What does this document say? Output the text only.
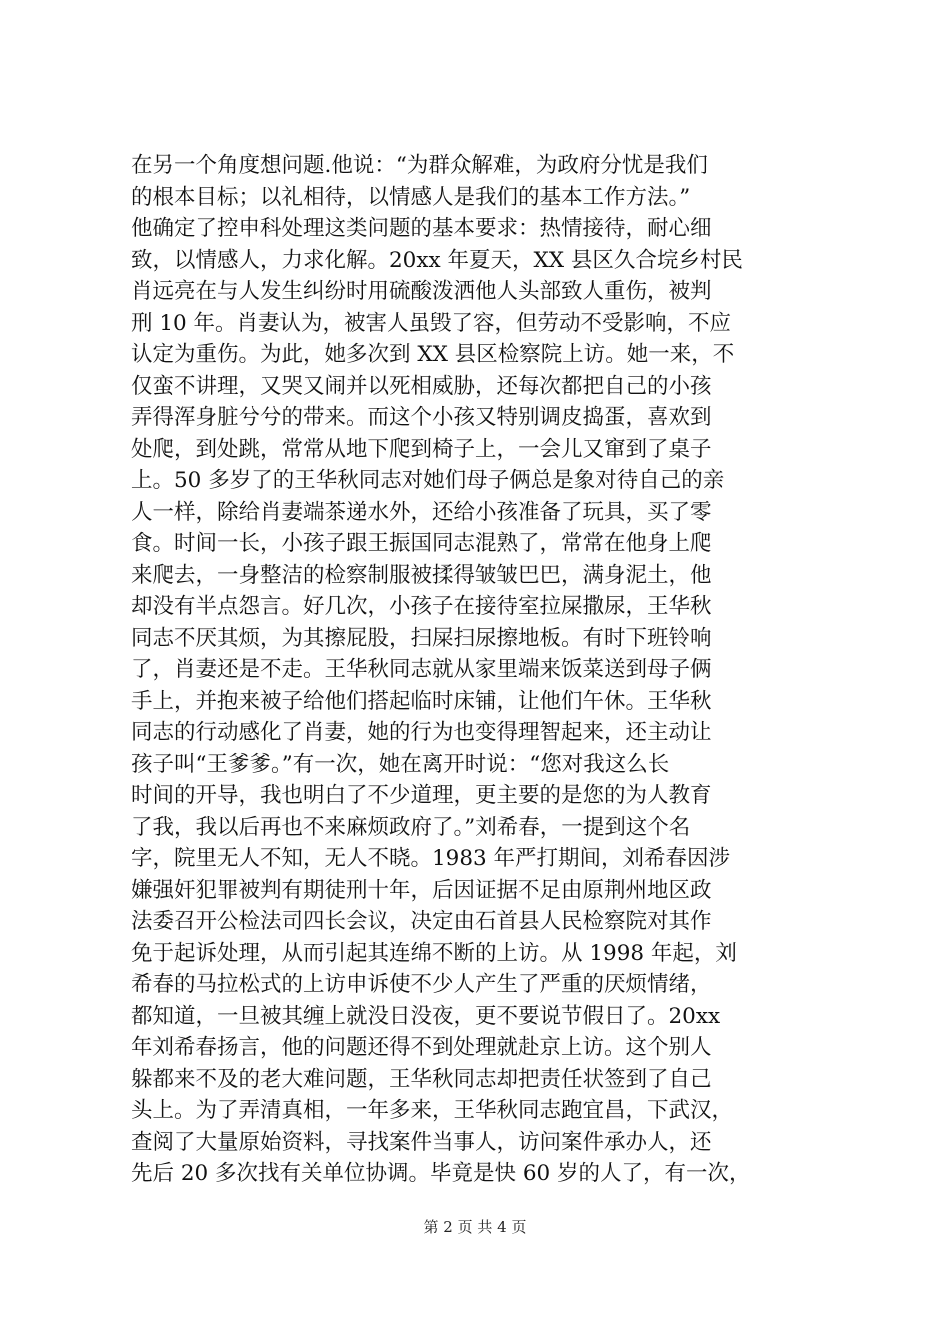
在另一个角度想问题.他说：“为群众解难，为政府分忧是我们
的根本目标；以礼相待，以情感人是我们的基本工作方法。”
他确定了控申科处理这类问题的基本要求：热情接待，耐心细
致，以情感人，力求化解。20xx 年夏天，XX 县区久合垸乡村民
肖远亮在与人发生纠纷时用硫酸泼洒他人头部致人重伤，被判
刑 10 年。肖妻认为，被害人虽毁了容，但劳动不受影响，不应
认定为重伤。为此，她多次到 XX 县区检察院上访。她一来，不
仅蛮不讲理，又哭又闹并以死相威胁，还每次都把自己的小孩
弄得浑身脏兮兮的带来。而这个小孩又特别调皮捣蛋，喜欢到
处爬，到处跳，常常从地下爬到椅子上，一会儿又窜到了桌子
上。50 多岁了的王华秋同志对她们母子俩总是象对待自己的亲
人一样，除给肖妻端茶递水外，还给小孩准备了玩具，买了零
食。时间一长，小孩子跟王振国同志混熟了，常常在他身上爬
来爬去，一身整洁的检察制服被揉得皱皱巴巴，满身泥土，他
却没有半点怨言。好几次，小孩子在接待室拉屎撒尿，王华秋
同志不厌其烦，为其擦屁股，扫屎扫尿擦地板。有时下班铃响
了，肖妻还是不走。王华秋同志就从家里端来饭菜送到母子俩
手上，并抱来被子给他们搭起临时床铺，让他们午休。王华秋
同志的行动感化了肖妻，她的行为也变得理智起来，还主动让
孩子叫“王爹爹。”有一次，她在离开时说：“您对我这么长
时间的开导，我也明白了不少道理，更主要的是您的为人教育
了我，我以后再也不来麻烦政府了。”刘希春，一提到这个名
字，院里无人不知，无人不晓。1983 年严打期间，刘希春因涉
嫌强奸犯罪被判有期徒刑十年，后因证据不足由原荆州地区政
法委召开公检法司四长会议，决定由石首县人民检察院对其作
免于起诉处理，从而引起其连绵不断的上访。从 1998 年起，刘
希春的马拉松式的上访申诉使不少人产生了严重的厌烦情绪，
都知道，一旦被其缠上就没日没夜，更不要说节假日了。20xx
年刘希春扬言，他的问题还得不到处理就赴京上访。这个别人
躲都来不及的老大难问题，王华秋同志却把责任状签到了自己
头上。为了弄清真相，一年多来，王华秋同志跑宜昌，下武汉，
查阅了大量原始资料，寻找案件当事人，访问案件承办人，还
先后 20 多次找有关单位协调。毕竟是快 60 岁的人了，有一次，
第 2 页 共 4 页
